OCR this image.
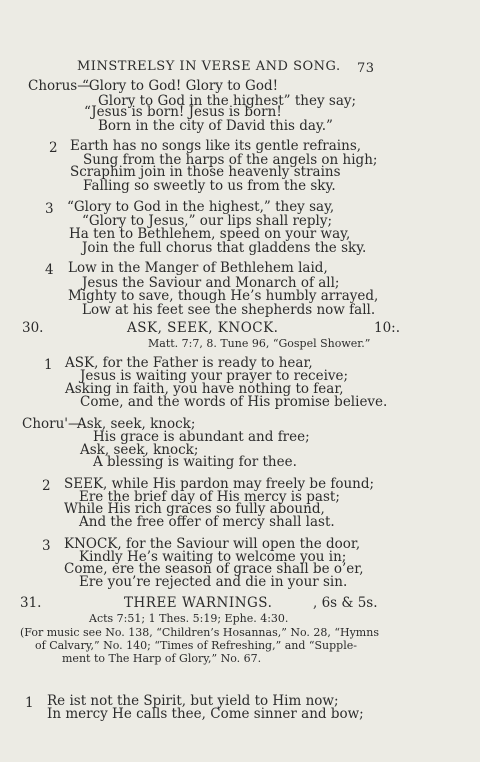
MINSTRELSY IN VERSE AND SONG. 73
Chorus—
“Glory to God! Glory to God!
Glory to God in the highest” they say;
“Jesus is born! Jesus is born!
Born in the city of David this day.”
2 Earth has no songs like its gentle refrains,
Sung from the harps of the angels on high;
Scraphim join in those heavenly strains
Falling so sweetly to us from the sky.
3 “Glory to God in the highest,” they say,
“Glory to Jesus,” our lips shall reply;
Ha ten to Bethlehem, speed on your way,
Join the full chorus that gladdens the sky.
4 Low in the Manger of Bethlehem laid,
Jesus the Saviour and Monarch of all;
Mighty to save, though He’s humbly arrayed,
Low at his feet see the shepherds now fall.
30.	ASK, SEEK, KNOCK.	10:.
Matt. 7:7, 8. Tune 96, “Gospel Shower.”
1 ASK, for the Father is ready to hear,
Jesus is waiting your prayer to receive;
Asking in faith, you have nothing to fear,
Come, and the words of His promise believe.
Choru'—
Ask, seek, knock;
His grace is abundant and free;
Ask, seek, knock;
A blessing is waiting for thee.
2 SEEK, while His pardon may freely be found;
Ere the brief day of His mercy is past;
While His rich graces so fully abound,
And the free offer of mercy shall last.
3 KNOCK, for the Saviour will open the door,
Kindly He’s waiting to welcome you in;
Come, ere the season of grace shall be o’er,
Ere you’re rejected and die in your sin.
31.	THREE WARNINGS.	, 6s & 5s.
Acts 7:51; 1 Thes. 5:19; Ephe. 4:30.
(For music see No. 138, “Children’s Hosannas,” No. 28, “Hymns
of Calvary,” No. 140; “Times of Refreshing,” and “Supple-
ment to The Harp of Glory,” No. 67.
1 Re ist not the Spirit, but yield to Him now;
In mercy He calls thee, Come sinner and bow;
